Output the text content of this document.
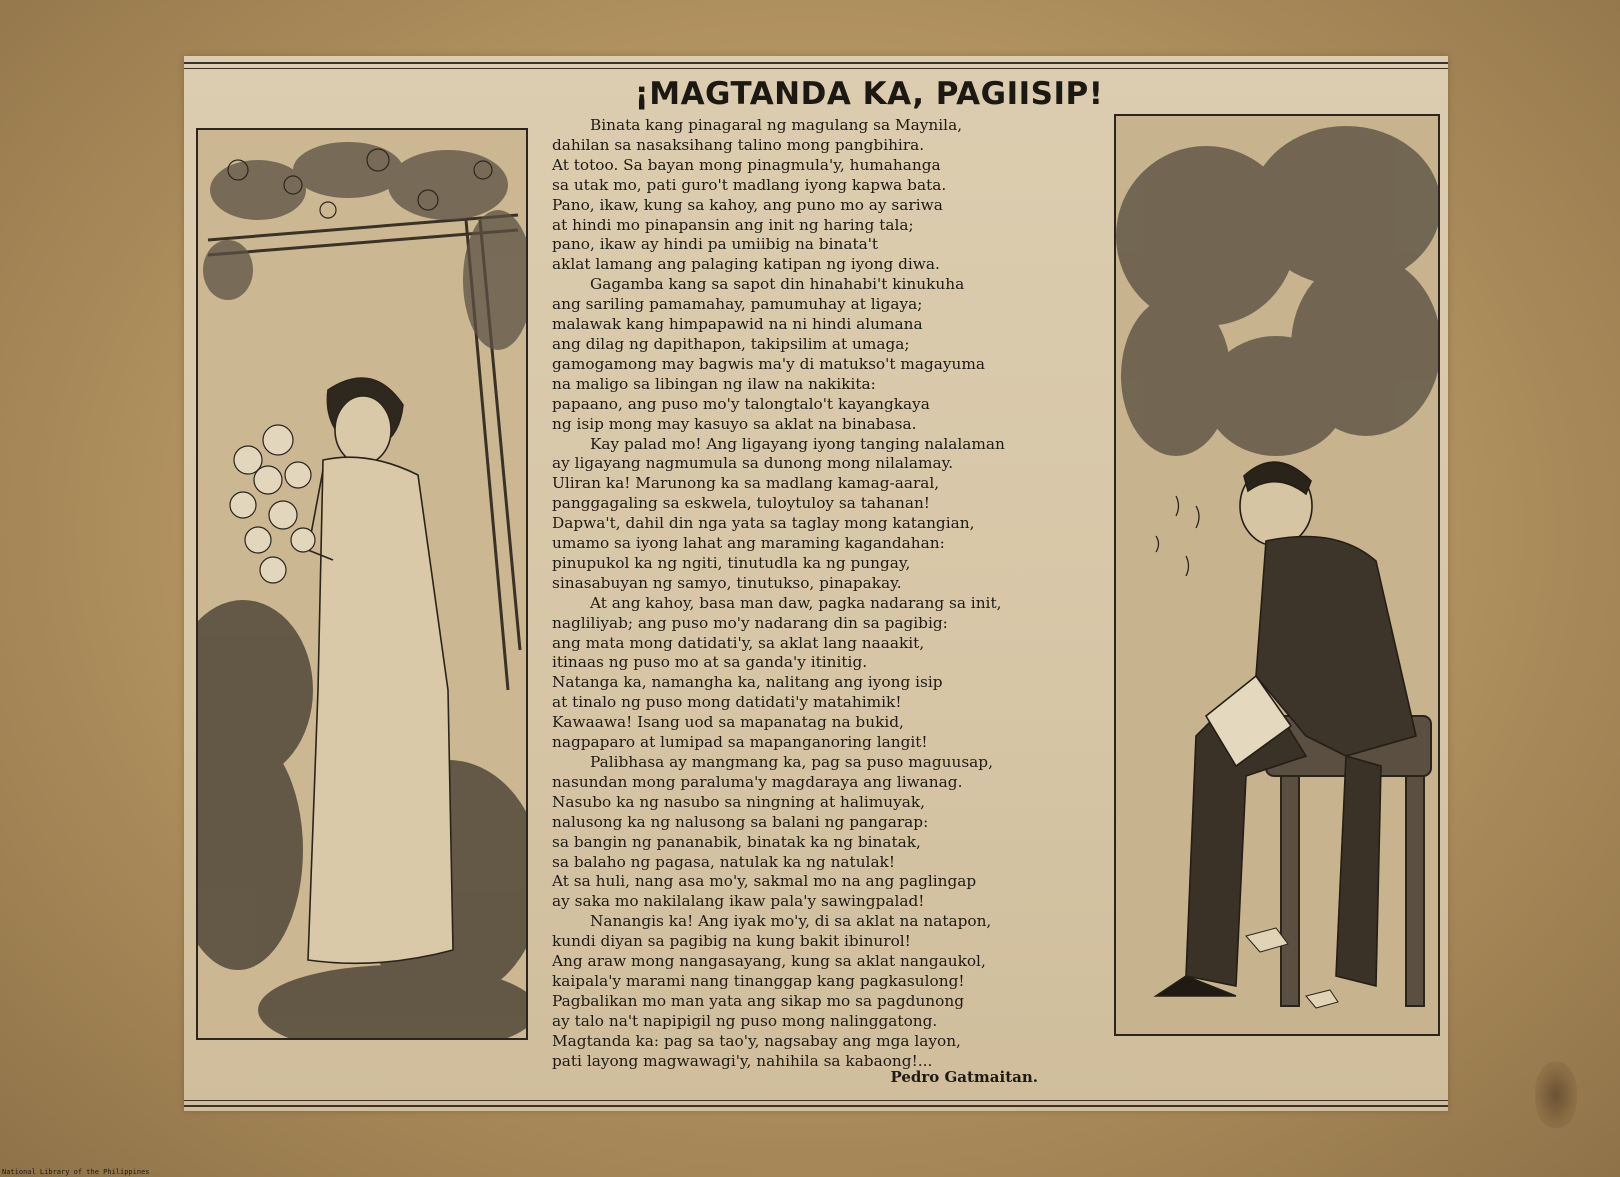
¡MAGTANDA KA, PAGIISIP!
Binata kang pinagaral ng magulang sa Maynila,
dahilan sa nasaksihang talino mong pangbihira.
At totoo. Sa bayan mong pinagmula'y, humahanga
sa utak mo, pati guro't madlang iyong kapwa bata.
Pano, ikaw, kung sa kahoy, ang puno mo ay sariwa
at hindi mo pinapansin ang init ng haring tala;
pano, ikaw ay hindi pa umiibig na binata't
aklat lamang ang palaging katipan ng iyong diwa.
Gagamba kang sa sapot din hinahabi't kinukuha
ang sariling pamamahay, pamumuhay at ligaya;
malawak kang himpapawid na ni hindi alumana
ang dilag ng dapithapon, takipsilim at umaga;
gamogamong may bagwis ma'y di matukso't magayuma
na maligo sa libingan ng ilaw na nakikita:
papaano, ang puso mo'y talongtalo't kayangkaya
ng isip mong may kasuyo sa aklat na binabasa.
Kay palad mo! Ang ligayang iyong tanging nalalaman
ay ligayang nagmumula sa dunong mong nilalamay.
Uliran ka! Marunong ka sa madlang kamag-aaral,
panggagaling sa eskwela, tuloytuloy sa tahanan!
Dapwa't, dahil din nga yata sa taglay mong katangian,
umamo sa iyong lahat ang maraming kagandahan:
pinupukol ka ng ngiti, tinutudla ka ng pungay,
sinasabuyan ng samyo, tinutukso, pinapakay.
At ang kahoy, basa man daw, pagka nadarang sa init,
nagliliyab; ang puso mo'y nadarang din sa pagibig:
ang mata mong datidati'y, sa aklat lang naaakit,
itinaas ng puso mo at sa ganda'y itinitig.
Natanga ka, namangha ka, nalitang ang iyong isip
at tinalo ng puso mong datidati'y matahimik!
Kawaawa! Isang uod sa mapanatag na bukid,
nagpaparo at lumipad sa mapanganoring langit!
Palibhasa ay mangmang ka, pag sa puso maguusap,
nasundan mong paraluma'y magdaraya ang liwanag.
Nasubo ka ng nasubo sa ningning at halimuyak,
nalusong ka ng nalusong sa balani ng pangarap:
sa bangin ng pananabik, binatak ka ng binatak,
sa balaho ng pagasa, natulak ka ng natulak!
At sa huli, nang asa mo'y, sakmal mo na ang paglingap
ay saka mo nakilalang ikaw pala'y sawingpalad!
Nanangis ka! Ang iyak mo'y, di sa aklat na natapon,
kundi diyan sa pagibig na kung bakit ibinurol!
Ang araw mong nangasayang, kung sa aklat nangaukol,
kaipala'y marami nang tinanggap kang pagkasulong!
Pagbalikan mo man yata ang sikap mo sa pagdunong
ay talo na't napipigil ng puso mong nalinggatong.
Magtanda ka: pag sa tao'y, nagsabay ang mga layon,
pati layong magwawagi'y, nahihila sa kabaong!...
Pedro Gatmaitan.
National Library of the Philippines
